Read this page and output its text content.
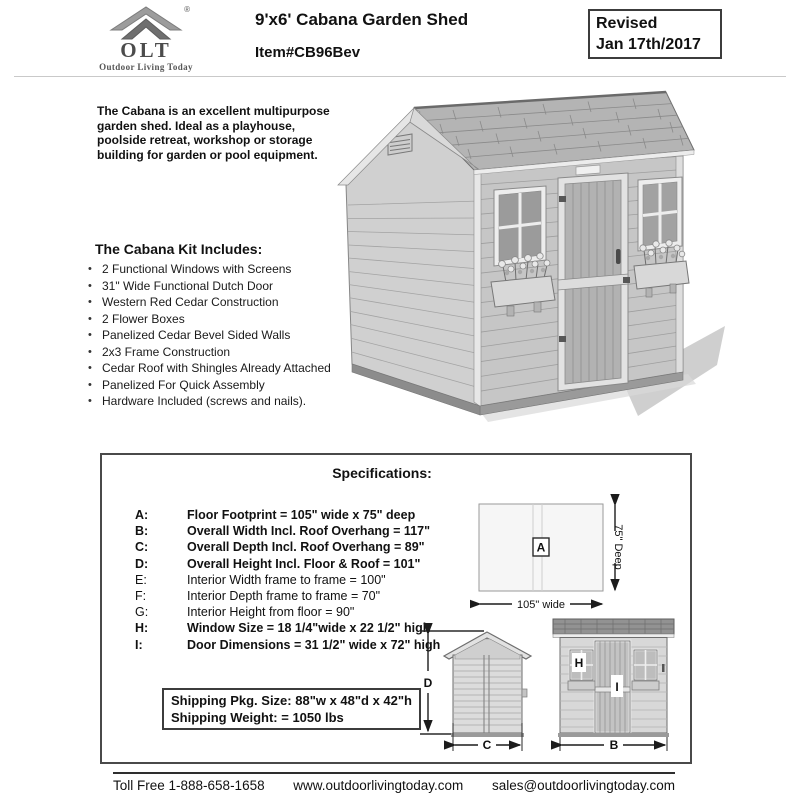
®
OLT
Outdoor Living Today
9'x6' Cabana Garden Shed
Item#CB96Bev
Revised
Jan 17th/2017
The Cabana is an excellent multipurpose garden shed. Ideal as a playhouse, poolside retreat, workshop or storage building for garden or pool equipment.
The Cabana Kit Includes:
• 2 Functional Windows with Screens
• 31" Wide Functional Dutch Door
• Western Red Cedar Construction
• 2 Flower Boxes
• Panelized Cedar Bevel Sided Walls
• 2x3 Frame Construction
• Cedar Roof with Shingles Already Attached
• Panelized For Quick Assembly
• Hardware Included (screws and nails).
Specifications:
A:	Floor Footprint = 105" wide x 75" deep
B:	Overall Width Incl. Roof Overhang = 117"
C:	Overall Depth Incl. Roof Overhang = 89"
D:	Overall Height Incl. Floor & Roof = 101"
E:	Interior Width frame to frame = 100"
F:	Interior Depth frame to frame = 70"
G:	Interior Height from floor = 90"
H:	Window Size = 18 1/4"wide x 22 1/2" high
I:	Door Dimensions = 31 1/2" wide x 72" high
Shipping Pkg. Size: 88"w x 48"d x 42"h
Shipping Weight: = 1050 lbs
A
105" wide
75" Deep
D
C
I
H
B
Toll Free 1-888-658-1658 www.outdoorlivingtoday.com sales@outdoorlivingtoday.com
